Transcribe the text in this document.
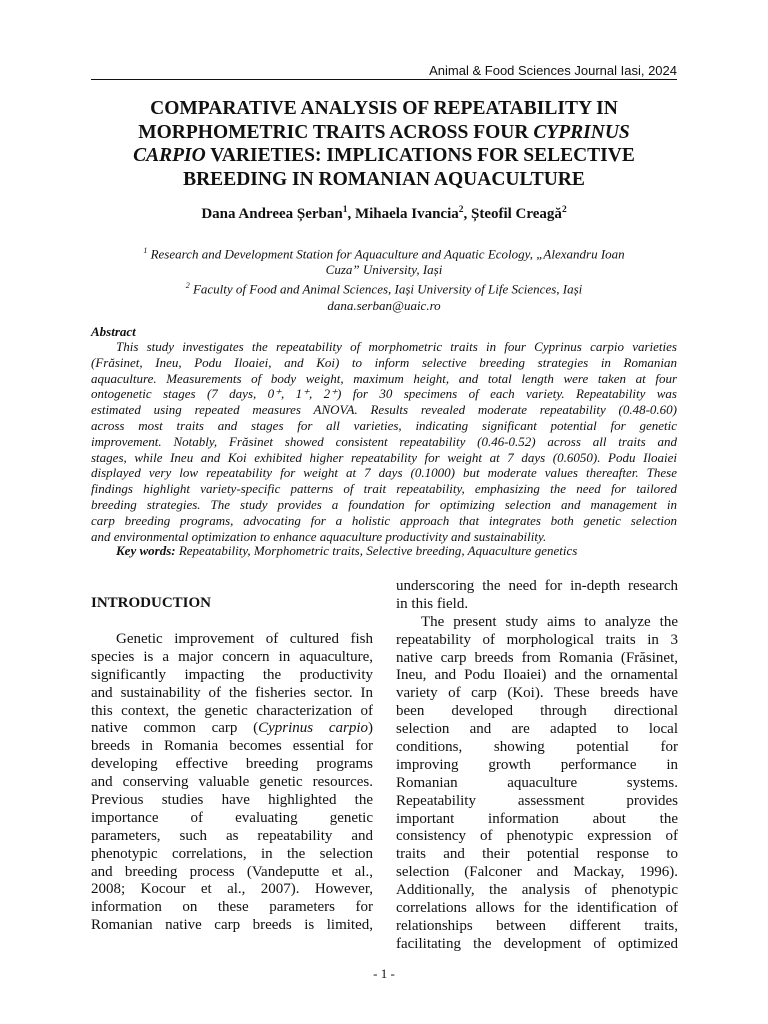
Animal & Food Sciences Journal Iasi, 2024
COMPARATIVE ANALYSIS OF REPEATABILITY IN
MORPHOMETRIC TRAITS ACROSS FOUR CYPRINUS
CARPIO VARIETIES: IMPLICATIONS FOR SELECTIVE
BREEDING IN ROMANIAN AQUACULTURE
Dana Andreea Șerban$^1$, Mihaela Ivancia$^2$, Șteofil Creagă$^2$
$^1$ Research and Development Station for Aquaculture and Aquatic Ecology, „Alexandru Ioan
Cuza” University, Iași
$^2$ Faculty of Food and Animal Sciences, Iași University of Life Sciences, Iași
dana.serban@uaic.ro
Abstract
This study investigates the repeatability of morphometric traits in four Cyprinus carpio varieties
(Frăsinet, Ineu, Podu Iloaiei, and Koi) to inform selective breeding strategies in Romanian
aquaculture. Measurements of body weight, maximum height, and total length were taken at four
ontogenetic stages (7 days, 0⁺, 1⁺, 2⁺) for 30 specimens of each variety. Repeatability was
estimated using repeated measures ANOVA. Results revealed moderate repeatability (0.48-0.60)
across most traits and stages for all varieties, indicating significant potential for genetic
improvement. Notably, Frăsinet showed consistent repeatability (0.46-0.52) across all traits and
stages, while Ineu and Koi exhibited higher repeatability for weight at 7 days (0.6050). Podu Iloaiei
displayed very low repeatability for weight at 7 days (0.1000) but moderate values thereafter. These
findings highlight variety-specific patterns of trait repeatability, emphasizing the need for tailored
breeding strategies. The study provides a foundation for optimizing selection and management in
carp breeding programs, advocating for a holistic approach that integrates both genetic selection
and environmental optimization to enhance aquaculture productivity and sustainability.
Key words: Repeatability, Morphometric traits, Selective breeding, Aquaculture genetics
INTRODUCTION
Genetic improvement of cultured fish
species is a major concern in aquaculture,
significantly impacting the productivity
and sustainability of the fisheries sector. In
this context, the genetic characterization of
native common carp (Cyprinus carpio)
breeds in Romania becomes essential for
developing effective breeding programs
and conserving valuable genetic resources.
Previous studies have highlighted the
importance of evaluating genetic
parameters, such as repeatability and
phenotypic correlations, in the selection
and breeding process (Vandeputte et al.,
2008; Kocour et al., 2007). However,
information on these parameters for
Romanian native carp breeds is limited,
underscoring the need for in-depth research
in this field.
The present study aims to analyze the
repeatability of morphological traits in 3
native carp breeds from Romania (Frăsinet,
Ineu, and Podu Iloaiei) and the ornamental
variety of carp (Koi). These breeds have
been developed through directional
selection and are adapted to local
conditions, showing potential for
improving growth performance in
Romanian aquaculture systems.
Repeatability assessment provides
important information about the
consistency of phenotypic expression of
traits and their potential response to
selection (Falconer and Mackay, 1996).
Additionally, the analysis of phenotypic
correlations allows for the identification of
relationships between different traits,
facilitating the development of optimized
- 1 -
